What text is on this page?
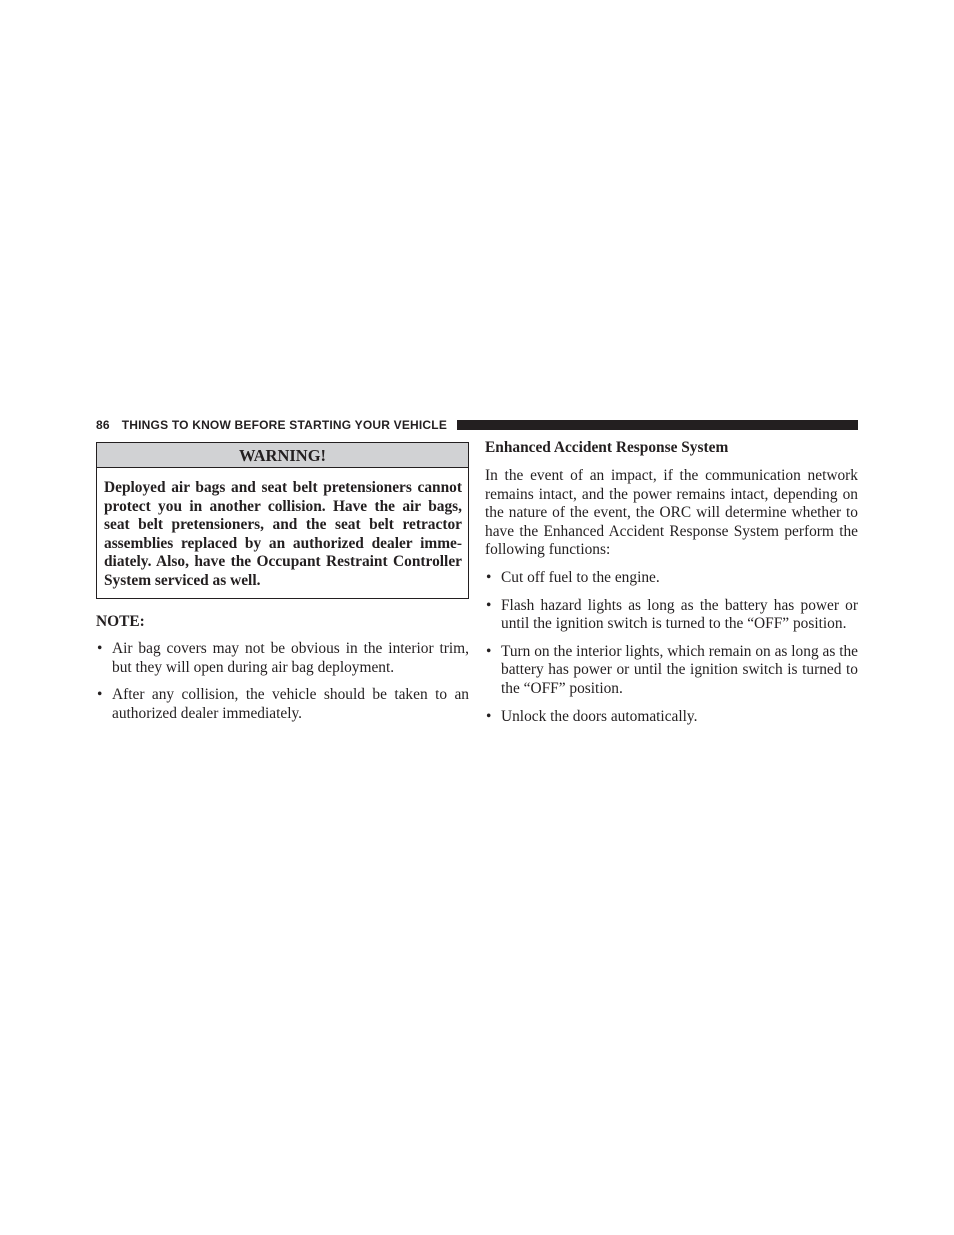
86 THINGS TO KNOW BEFORE STARTING YOUR VEHICLE
WARNING!
Deployed air bags and seat belt pretensioners cannot protect you in another collision. Have the air bags, seat belt pretensioners, and the seat belt retractor assemblies replaced by an authorized dealer immediately. Also, have the Occupant Restraint Controller System serviced as well.
NOTE:
• Air bag covers may not be obvious in the interior trim, but they will open during air bag deployment.
• After any collision, the vehicle should be taken to an authorized dealer immediately.
Enhanced Accident Response System
In the event of an impact, if the communication network remains intact, and the power remains intact, depending on the nature of the event, the ORC will determine whether to have the Enhanced Accident Response System perform the following functions:
• Cut off fuel to the engine.
• Flash hazard lights as long as the battery has power or until the ignition switch is turned to the “OFF” position.
• Turn on the interior lights, which remain on as long as the battery has power or until the ignition switch is turned to the “OFF” position.
• Unlock the doors automatically.
